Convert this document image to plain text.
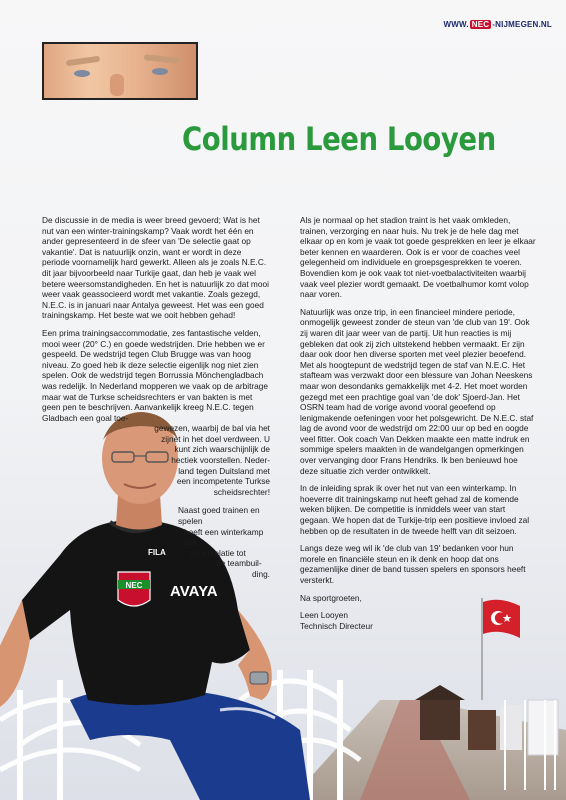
WWW. NEC -NIJMEGEN.NL
Column Leen Looyen
FILA
NEC AVAYA

De discussie in de media is weer breed gevoerd; Wat is het nut van een winter-trainingskamp? Vaak wordt het één en ander gepresenteerd in de sfeer van 'De selectie gaat op vakantie'. Dat is natuurlijk onzin, want er wordt in deze periode voornamelijk hard gewerkt. Alleen als je zoals N.E.C. dit jaar bijvoorbeeld naar Turkije gaat, dan heb je vaak wel betere weersomstandigheden. En het is natuurlijk zo dat mooi weer vaak geassocieerd wordt met vakantie. Zoals gezegd, N.E.C. is in januari naar Antalya geweest. Het was een goed trainingskamp. Het beste wat we ooit hebben gehad!

Een prima trainingsaccommodatie, zes fantastische velden, mooi weer (20° C.) en goede wedstrijden. Drie hebben we er gespeeld. De wedstrijd tegen Club Brugge was van hoog niveau. Zo goed heb ik deze selectie eigenlijk nog niet zien spelen. Ook de wedstrijd tegen Borrussia Mönchengladbach was redelijk. In Nederland mopperen we vaak op de arbitrage maar wat de Turkse scheidsrechters er van bakten is met geen pen te beschrijven. Aanvankelijk kreeg N.E.C. tegen Gladbach een goal toe-

gewezen, waarbij de bal via het
zijnet in het doel verdween. U
kunt zich waarschijnlijk de
hectiek voorstellen. Neder-
land tegen Duitsland met
een incompetente Turkse
scheidsrechter!
Naast goed trainen en spelen
heeft een winterkamp ook
zin in relatie tot
de teambuil-
ding.

Als je normaal op het stadion traint is het vaak omkleden, trainen, verzorging en naar huis. Nu trek je de hele dag met elkaar op en kom je vaak tot goede gesprekken en leer je elkaar beter kennen en waarderen. Ook is er voor de coaches veel gelegenheid om individuele en groepsgesprekken te voeren. Bovendien kom je ook vaak tot niet-voetbalactiviteiten waarbij vaak veel plezier wordt gemaakt. De voetbalhumor komt volop naar voren.

Natuurlijk was onze trip, in een financieel mindere periode, onmogelijk geweest zonder de steun van 'de club van 19'. Ook zij waren dit jaar weer van de partij. Uit hun reacties is mij gebleken dat ook zij zich uitstekend hebben vermaakt. Er zijn daar ook door hen diverse sporten met veel plezier beoefend. Met als hoogtepunt de wedstrijd tegen de staf van N.E.C. Het stafteam was verzwakt door een blessure van Johan Neeskens maar won desondanks gemakkelijk met 4-2. Het moet worden gezegd met een prachtige goal van 'de dok' Sjoerd-Jan. Het OSRN team had de vorige avond vooral geoefend op lenigmakende oefeningen voor het polsgewricht. De N.E.C. staf lag de avond voor de wedstrijd om 22:00 uur op bed en oogde veel fitter. Ook coach Van Dekken maakte een matte indruk en sommige spelers maakten in de wandelgangen opmerkingen over vervanging door Frans Hendriks. Ik ben benieuwd hoe deze situatie zich verder ontwikkelt.

In de inleiding sprak ik over het nut van een winterkamp. In hoeverre dit trainingskamp nut heeft gehad zal de komende weken blijken. De competitie is inmiddels weer van start gegaan. We hopen dat de Turkije-trip een positieve invloed zal hebben op de resultaten in de tweede helft van dit seizoen.

Langs deze weg wil ik 'de club van 19' bedanken voor hun morele en financiële steun en ik denk en hoop dat ons gezamenlijke diner de band tussen spelers en sponsors heeft versterkt.

Na sportgroeten,

Leen Looyen

Technisch Directeur
